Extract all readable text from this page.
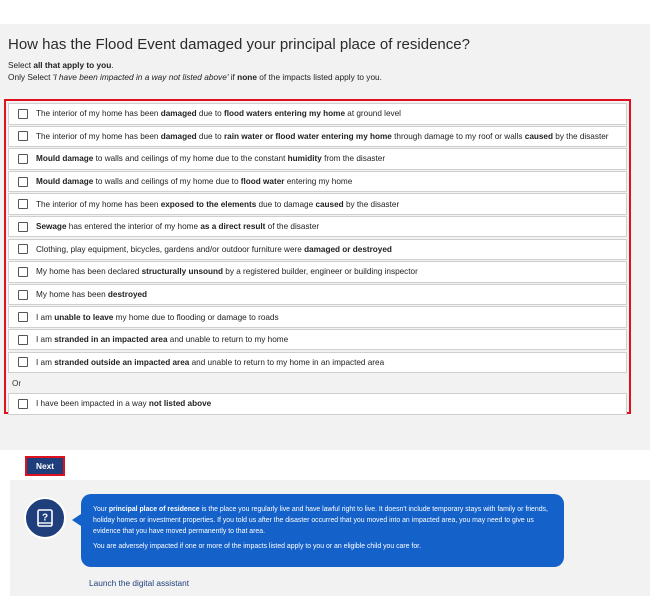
How has the Flood Event damaged your principal place of residence?

Select all that apply to you.

Only Select 'I have been impacted in a way not listed above' if none of the impacts listed apply to you.

The interior of my home has been damaged due to flood waters entering my home at ground level
The interior of my home has been damaged due to rain water or flood water entering my home through damage to my roof or walls caused by the disaster
Mould damage to walls and ceilings of my home due to the constant humidity from the disaster
Mould damage to walls and ceilings of my home due to flood water entering my home
The interior of my home has been exposed to the elements due to damage caused by the disaster
Sewage has entered the interior of my home as a direct result of the disaster
Clothing, play equipment, bicycles, gardens and/or outdoor furniture were damaged or destroyed
My home has been declared structurally unsound by a registered builder, engineer or building inspector
My home has been destroyed
I am unable to leave my home due to flooding or damage to roads
I am stranded in an impacted area and unable to return to my home
I am stranded outside an impacted area and unable to return to my home in an impacted area
Or
I have been impacted in a way not listed above
Next
?

Your principal place of residence is the place you regularly live and have lawful right to live. It doesn't include temporary stays with family or friends, holiday homes or investment properties. If you told us after the disaster occurred that you moved into an impacted area, you may need to give us evidence that you have moved permanently to that area.

You are adversely impacted if one or more of the impacts listed apply to you or an eligible child you care for.

Launch the digital assistant
